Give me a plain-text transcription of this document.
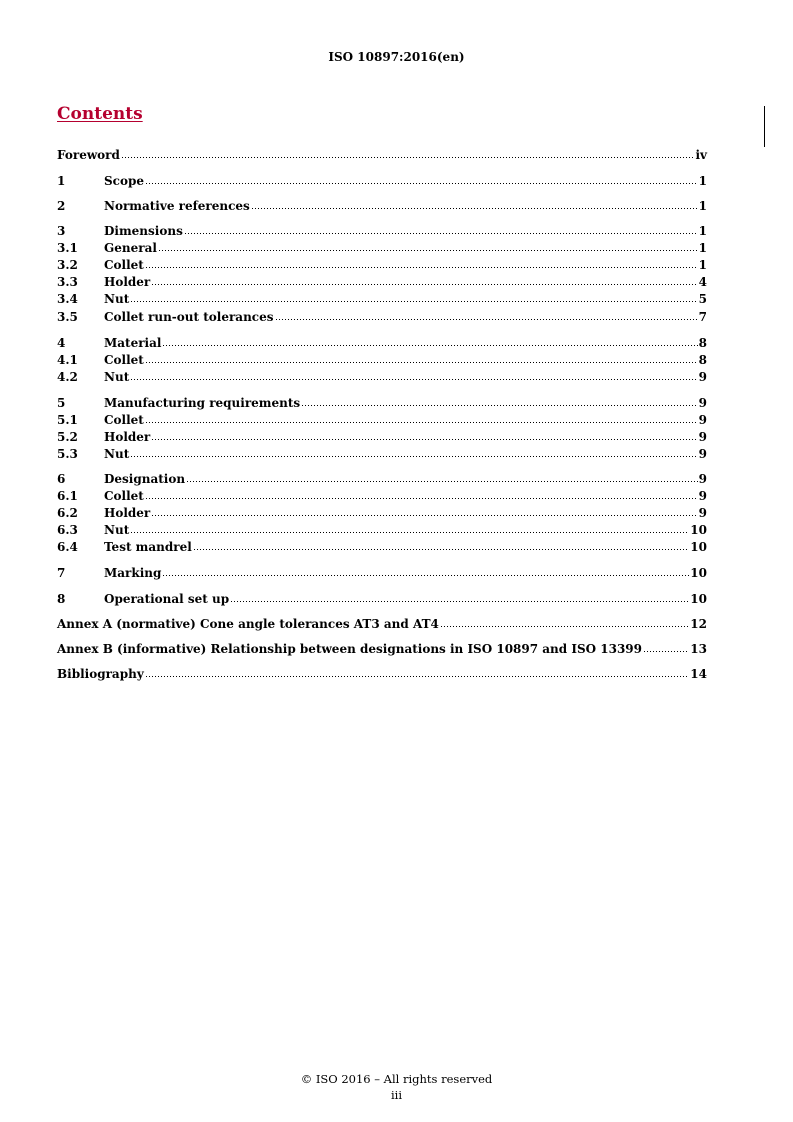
ISO 10897:2016(en)
Contents
Foreword	iv
1	Scope	1
2	Normative references	1
3	Dimensions	1
3.1	General	1
3.2	Collet	1
3.3	Holder	4
3.4	Nut	5
3.5	Collet run-out tolerances	7
4	Material	8
4.1	Collet	8
4.2	Nut	9
5	Manufacturing requirements	9
5.1	Collet	9
5.2	Holder	9
5.3	Nut	9
6	Designation	9
6.1	Collet	9
6.2	Holder	9
6.3	Nut	10
6.4	Test mandrel	10
7	Marking	10
8	Operational set up	10
Annex A (normative) Cone angle tolerances AT3 and AT4	12
Annex B (informative) Relationship between designations in ISO 10897 and ISO 13399	13
Bibliography	14
© ISO 2016 – All rights reserved
iii
